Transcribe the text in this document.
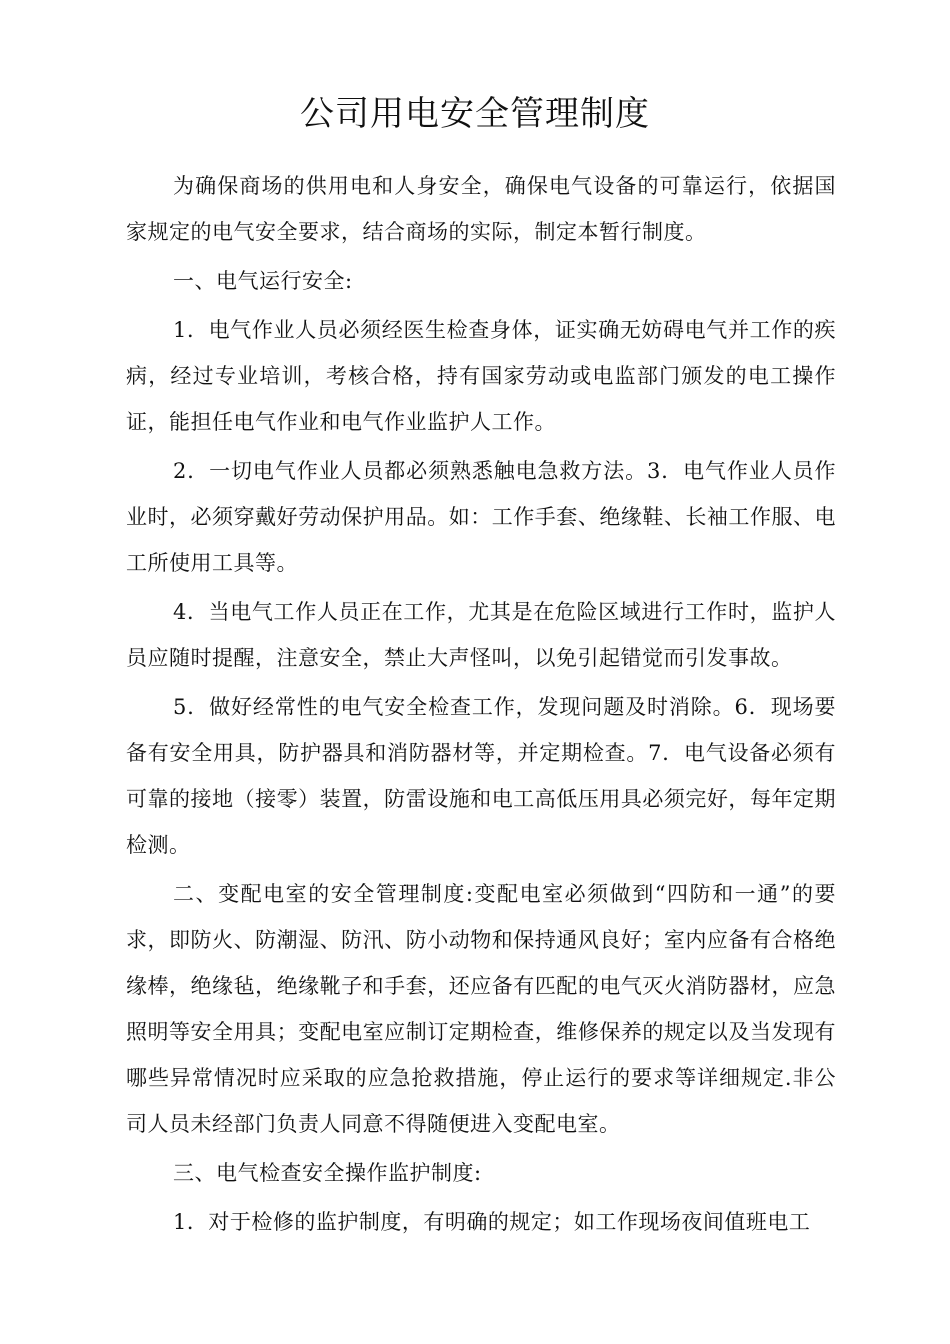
公司用电安全管理制度

为确保商场的供用电和人身安全，确保电气设备的可靠运行，依据国家规定的电气安全要求，结合商场的实际，制定本暂行制度。

一、电气运行安全:

1．电气作业人员必须经医生检查身体，证实确无妨碍电气并工作的疾病，经过专业培训，考核合格，持有国家劳动或电监部门颁发的电工操作证，能担任电气作业和电气作业监护人工作。

2．一切电气作业人员都必须熟悉触电急救方法。3．电气作业人员作业时，必须穿戴好劳动保护用品。如：工作手套、绝缘鞋、长袖工作服、电工所使用工具等。

4．当电气工作人员正在工作，尤其是在危险区域进行工作时，监护人员应随时提醒，注意安全，禁止大声怪叫，以免引起错觉而引发事故。

5．做好经常性的电气安全检查工作，发现问题及时消除。6．现场要备有安全用具，防护器具和消防器材等，并定期检查。7．电气设备必须有可靠的接地（接零）装置，防雷设施和电工高低压用具必须完好，每年定期检测。

二、变配电室的安全管理制度:变配电室必须做到“四防和一通”的要求，即防火、防潮湿、防汛、防小动物和保持通风良好；室内应备有合格绝缘棒，绝缘毡，绝缘靴子和手套，还应备有匹配的电气灭火消防器材，应急照明等安全用具；变配电室应制订定期检查，维修保养的规定以及当发现有哪些异常情况时应采取的应急抢救措施，停止运行的要求等详细规定.非公司人员未经部门负责人同意不得随便进入变配电室。

三、电气检查安全操作监护制度:

1．对于检修的监护制度，有明确的规定；如工作现场夜间值班电工
